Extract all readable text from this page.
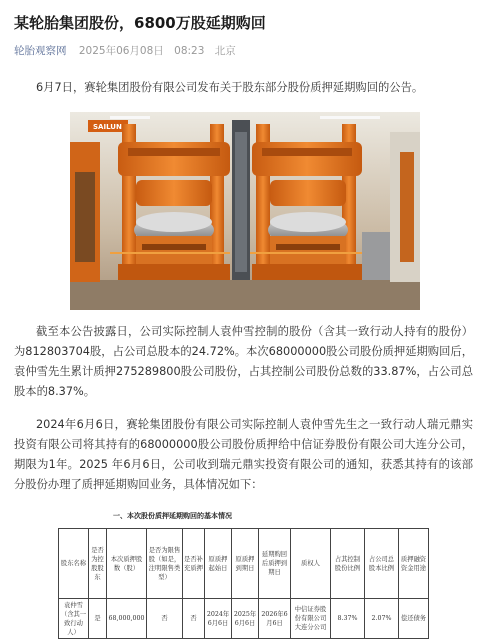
某轮胎集团股份，6800万股延期购回
轮胎观察网 2025年06月08日 08:23 北京

6月7日，赛轮集团股份有限公司发布关于股东部分股份质押延期购回的公告。

SAILUN

截至本公告披露日，公司实际控制人袁仲雪控制的股份（含其一致行动人持有的股份）为812803704股，占公司总股本的24.72%。本次68000000股公司股份质押延期购回后，袁仲雪先生累计质押275289800股公司股份，占其控制公司股份总数的33.87%，占公司总股本的8.37%。

2024年6月6日，赛轮集团股份有限公司实际控制人袁仲雪先生之一致行动人瑞元鼎实投资有限公司将其持有的68000000股公司股份质押给中信证券股份有限公司大连分公司，期限为1年。2025 年6月6日，公司收到瑞元鼎实投资有限公司的通知，获悉其持有的该部分股份办理了质押延期购回业务，具体情况如下：

一、本次股份质押延期购回的基本情况
股东名称	是否为控股股东	本次质押股数（股）	是否为限售股（如是，注明限售类型）	是否补充质押	原质押起始日	原质押到期日	延期购回后质押到期日	质权人	占其控制股份比例	占公司总股本比例	质押融资资金用途
袁仲雪（含其一致行动人）	是	68,000,000	否	否	2024年6月6日	2025年6月6日	2026年6月6日	中信证券股份有限公司大连分公司	8.37%	2.07%	偿还债务
